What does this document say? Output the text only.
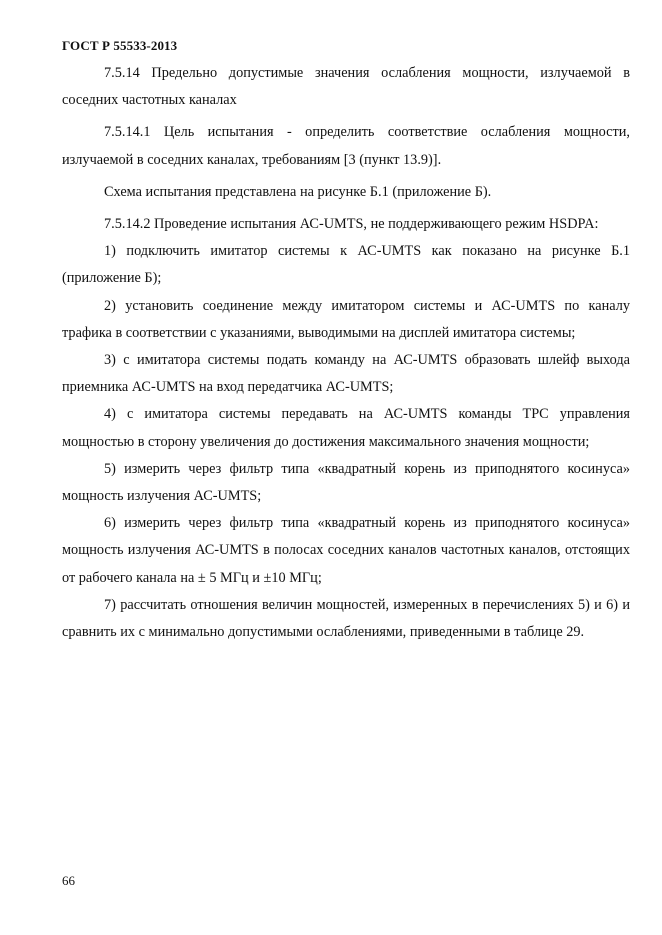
ГОСТ Р 55533-2013

7.5.14 Предельно допустимые значения ослабления мощности, излучаемой в соседних частотных каналах

7.5.14.1 Цель испытания - определить соответствие ослабления мощности, излучаемой в соседних каналах, требованиям [3 (пункт 13.9)].

Схема испытания представлена на рисунке Б.1 (приложение Б).

7.5.14.2 Проведение испытания АС-UMTS, не поддерживающего режим HSDPA:

1) подключить имитатор системы к АС-UMTS как показано на рисунке Б.1 (приложение Б);

2) установить соединение между имитатором системы и АС-UMTS по каналу трафика в соответствии с указаниями, выводимыми на дисплей имитатора системы;

3) с имитатора системы подать команду на АС-UMTS образовать шлейф выхода приемника АС-UMTS на вход передатчика АС-UMTS;

4) с имитатора системы передавать на АС-UMTS команды TPC управления мощностью в сторону увеличения до достижения максимального значения мощности;

5) измерить через фильтр типа «квадратный корень из приподнятого косинуса» мощность излучения АС-UMTS;

6) измерить через фильтр типа «квадратный корень из приподнятого косинуса» мощность излучения АС-UMTS в полосах соседних каналов частотных каналов, отстоящих от рабочего канала на ± 5 МГц и ±10 МГц;

7) рассчитать отношения величин мощностей, измеренных в перечислениях 5) и 6) и сравнить их с минимально допустимыми ослаблениями, приведенными в таблице 29.

66
